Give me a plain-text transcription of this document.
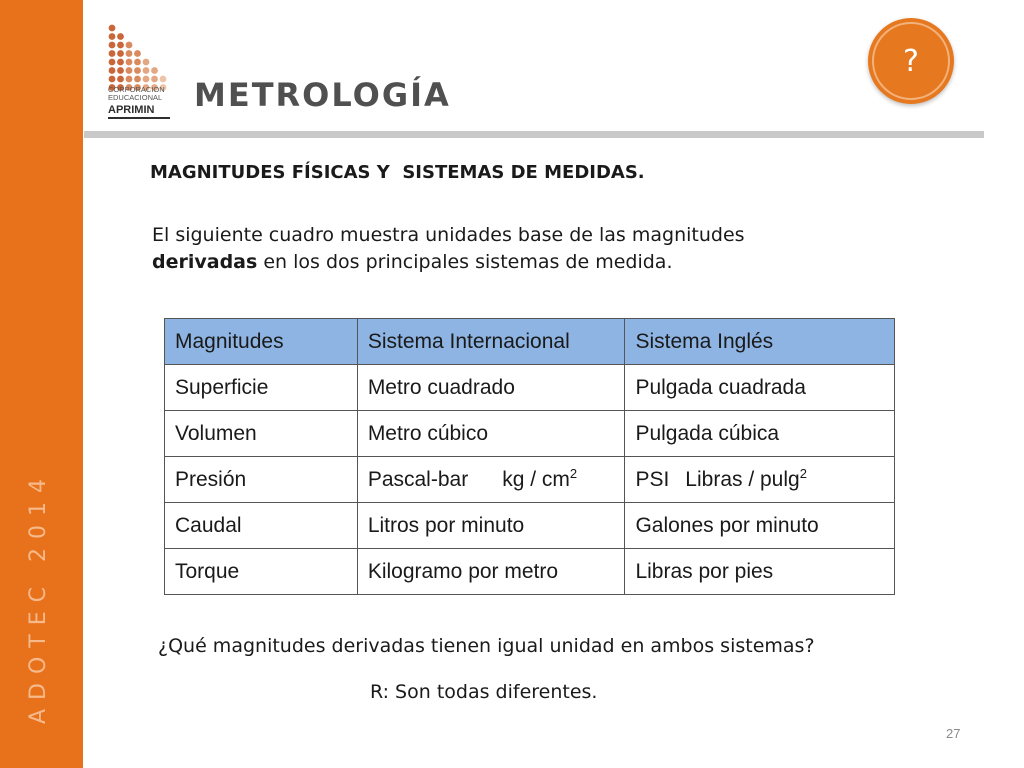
ADOTEC 2014
CORPORACION
EDUCACIONAL
APRIMIN METROLOGÍA
?
MAGNITUDES FÍSICAS Y  SISTEMAS DE MEDIDAS.
El siguiente cuadro muestra unidades base de las magnitudes
derivadas en los dos principales sistemas de medida.
Magnitudes	Sistema Internacional	Sistema Inglés
Superficie	Metro cuadrado	Pulgada cuadrada
Volumen	Metro cúbico	Pulgada cúbica
Presión	Pascal-bar kg / $cm^2$	PSI Libras / pulg$^2$
Caudal	Litros por minuto	Galones por minuto
Torque	Kilogramo por metro	Libras por pies
¿Qué magnitudes derivadas tienen igual unidad en ambos sistemas?
R: Son todas diferentes.
27
